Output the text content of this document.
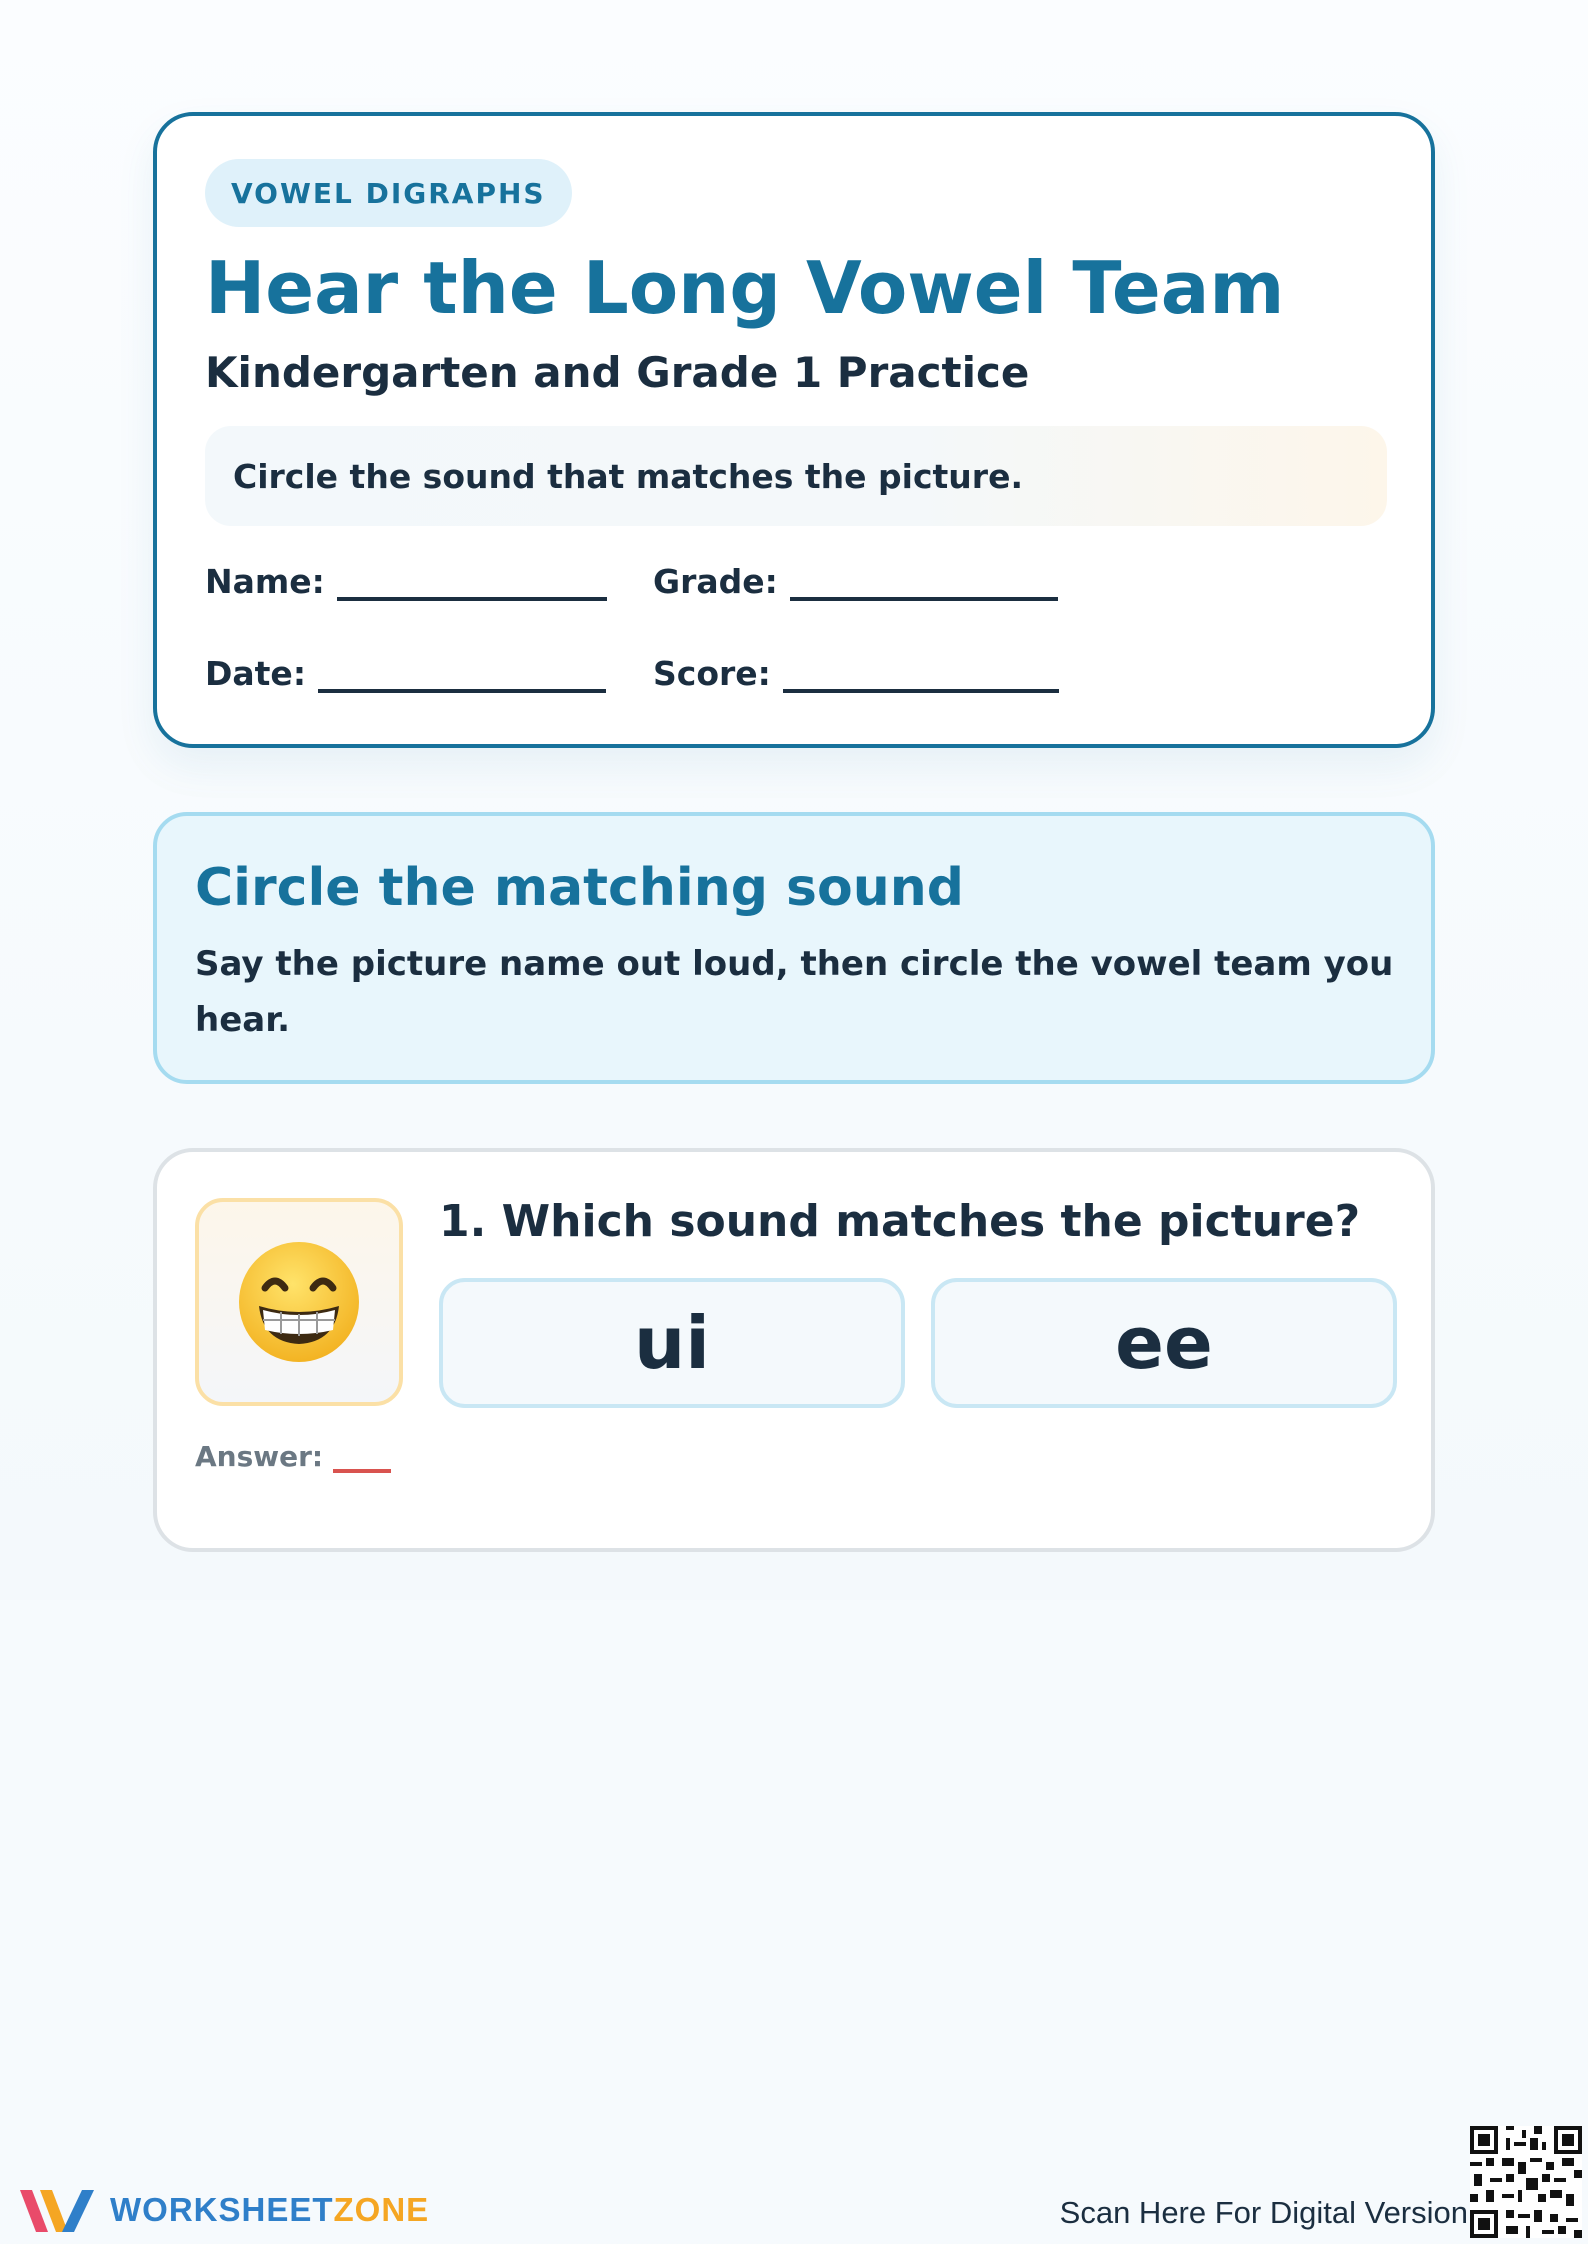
VOWEL DIGRAPHS
Hear the Long Vowel Team
Kindergarten and Grade 1 Practice
Circle the sound that matches the picture.
Name:	Grade:
Date:	Score:
Circle the matching sound

Say the picture name out loud, then circle the vowel team you hear.

1. Which sound matches the picture?
ui	ee
Answer:
WORKSHEETZONE	Scan Here For Digital Version
